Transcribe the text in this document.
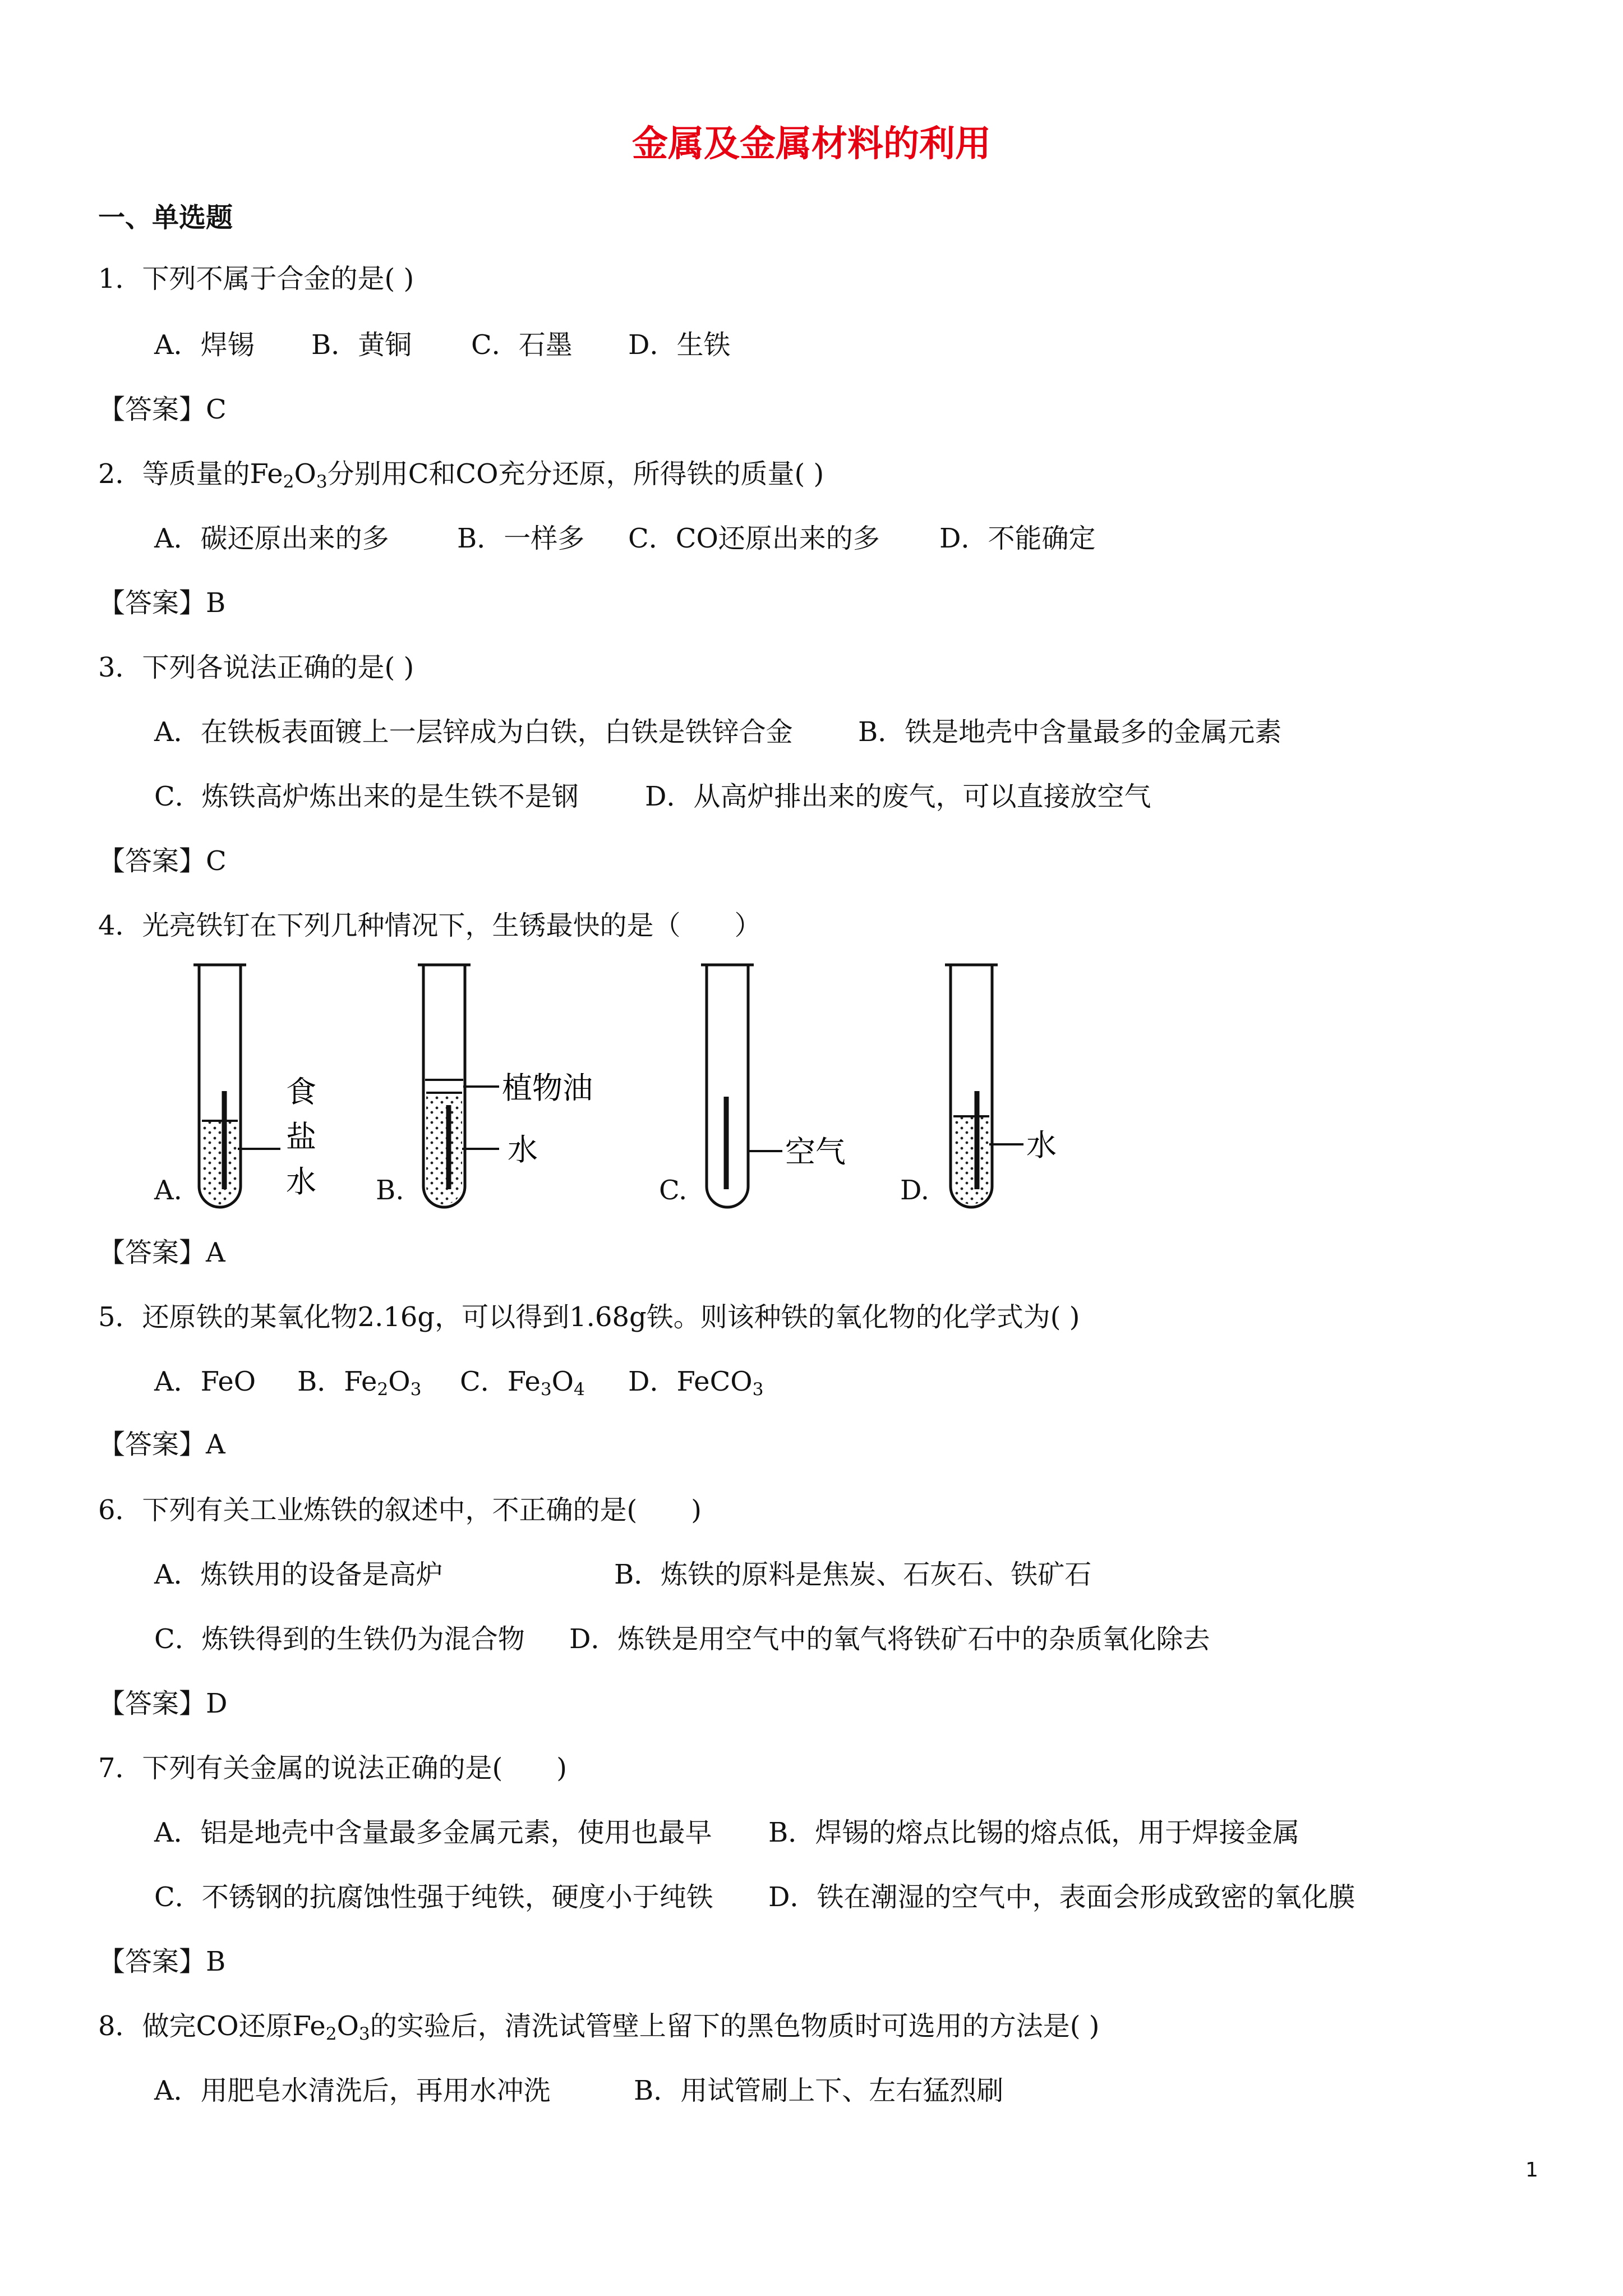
金属及金属材料的利用
一、单选题
1．下列不属于合金的是( )
A．焊锡 B．黄铜 C．石墨 D．生铁
【答案】C
2．等质量的$Fe_2O_3$分别用C和CO充分还原，所得铁的质量( )
A．碳还原出来的多	B．一样多 C．CO还原出来的多 D．不能确定
【答案】B
3．下列各说法正确的是( )
A．在铁板表面镀上一层锌成为白铁，白铁是铁锌合金 B．铁是地壳中含量最多的金属元素
C．炼铁高炉炼出来的是生铁不是钢 D．从高炉排出来的废气，可以直接放空气
【答案】C
4．光亮铁钉在下列几种情况下，生锈最快的是（　　）
食
盐
水
植物油
水	空气	水
A.	B.	C.	D.
【答案】A
5．还原铁的某氧化物2.16g，可以得到1.68g铁。则该种铁的氧化物的化学式为( )
A．FeO B．$Fe_2O_3$ C．$Fe_3O_4$ D．FeCO$_3$
【答案】A
6．下列有关工业炼铁的叙述中，不正确的是(　　)
A．炼铁用的设备是高炉	B．炼铁的原料是焦炭、石灰石、铁矿石
C．炼铁得到的生铁仍为混合物 D．炼铁是用空气中的氧气将铁矿石中的杂质氧化除去
【答案】D
7．下列有关金属的说法正确的是(　　)
A．铝是地壳中含量最多金属元素，使用也最早 B．焊锡的熔点比锡的熔点低，用于焊接金属
C．不锈钢的抗腐蚀性强于纯铁，硬度小于纯铁 D．铁在潮湿的空气中，表面会形成致密的氧化膜
【答案】B
8．做完CO还原$Fe_2O_3$的实验后，清洗试管壁上留下的黑色物质时可选用的方法是( )
A．用肥皂水清洗后，再用水冲洗	B．用试管刷上下、左右猛烈刷
1
